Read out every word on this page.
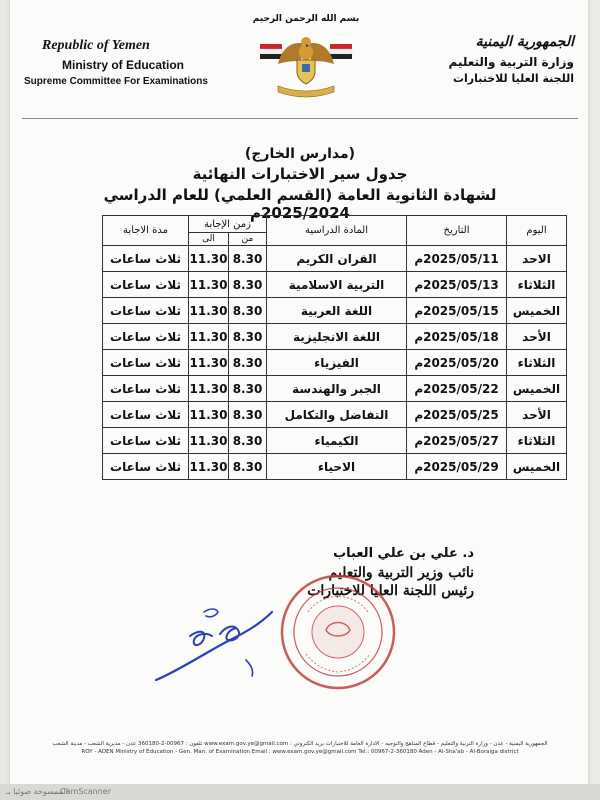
Republic of Yemen
Ministry of Education
Supreme Committee For Examinations
بسم الله الرحمن الرحيم
الجمهورية اليمنية
وزارة التربية والتعليم
اللجنة العليا للاختبارات
(مدارس الخارج)
جدول سير الاختبارات النهائية
لشهادة الثانوية العامة (القسم العلمي) للعام الدراسي 2025/2024م
اليوم	التاريخ	المادة الدراسية	زمن الإجابة		مدة الاجابة
			من	الى	
الاحد	2025/05/11م	القران الكريم	8.30	11.30	ثلاث ساعات
الثلاثاء	2025/05/13م	التربية الاسلامية	8.30	11.30	ثلاث ساعات
الخميس	2025/05/15م	اللغة العربية	8.30	11.30	ثلاث ساعات
الأحد	2025/05/18م	اللغة الانجليزية	8.30	11.30	ثلاث ساعات
الثلاثاء	2025/05/20م	الفيزياء	8.30	11.30	ثلاث ساعات
الخميس	2025/05/22م	الجبر والهندسة	8.30	11.30	ثلاث ساعات
الأحد	2025/05/25م	التفاضل والتكامل	8.30	11.30	ثلاث ساعات
الثلاثاء	2025/05/27م	الكيمياء	8.30	11.30	ثلاث ساعات
الخميس	2025/05/29م	الاحياء	8.30	11.30	ثلاث ساعات
د. علي بن علي العباب
نائب وزير التربية والتعليم
رئيس اللجنة العليا للاختبارات
الجمهورية اليمنية - عدن - وزارة التربية والتعليم - قطاع المناهج والتوجيه - الادارة العامة للاختبارات بريد الكتروني : www.exam.gov.ye@gmail.com تلفون : 00967-2-360180 عدن - مديرية الشعب - مدينة الشعب
ROY - ADEN Ministry of Education - Gen. Man. of Examination Email : www.exam.gov.ye@gmail.com Tel.: 00967-2-360180 Aden - Al-Sha'ab - Al-Boraiga district
CamScanner
الممسوحة ضوئيا بـ
